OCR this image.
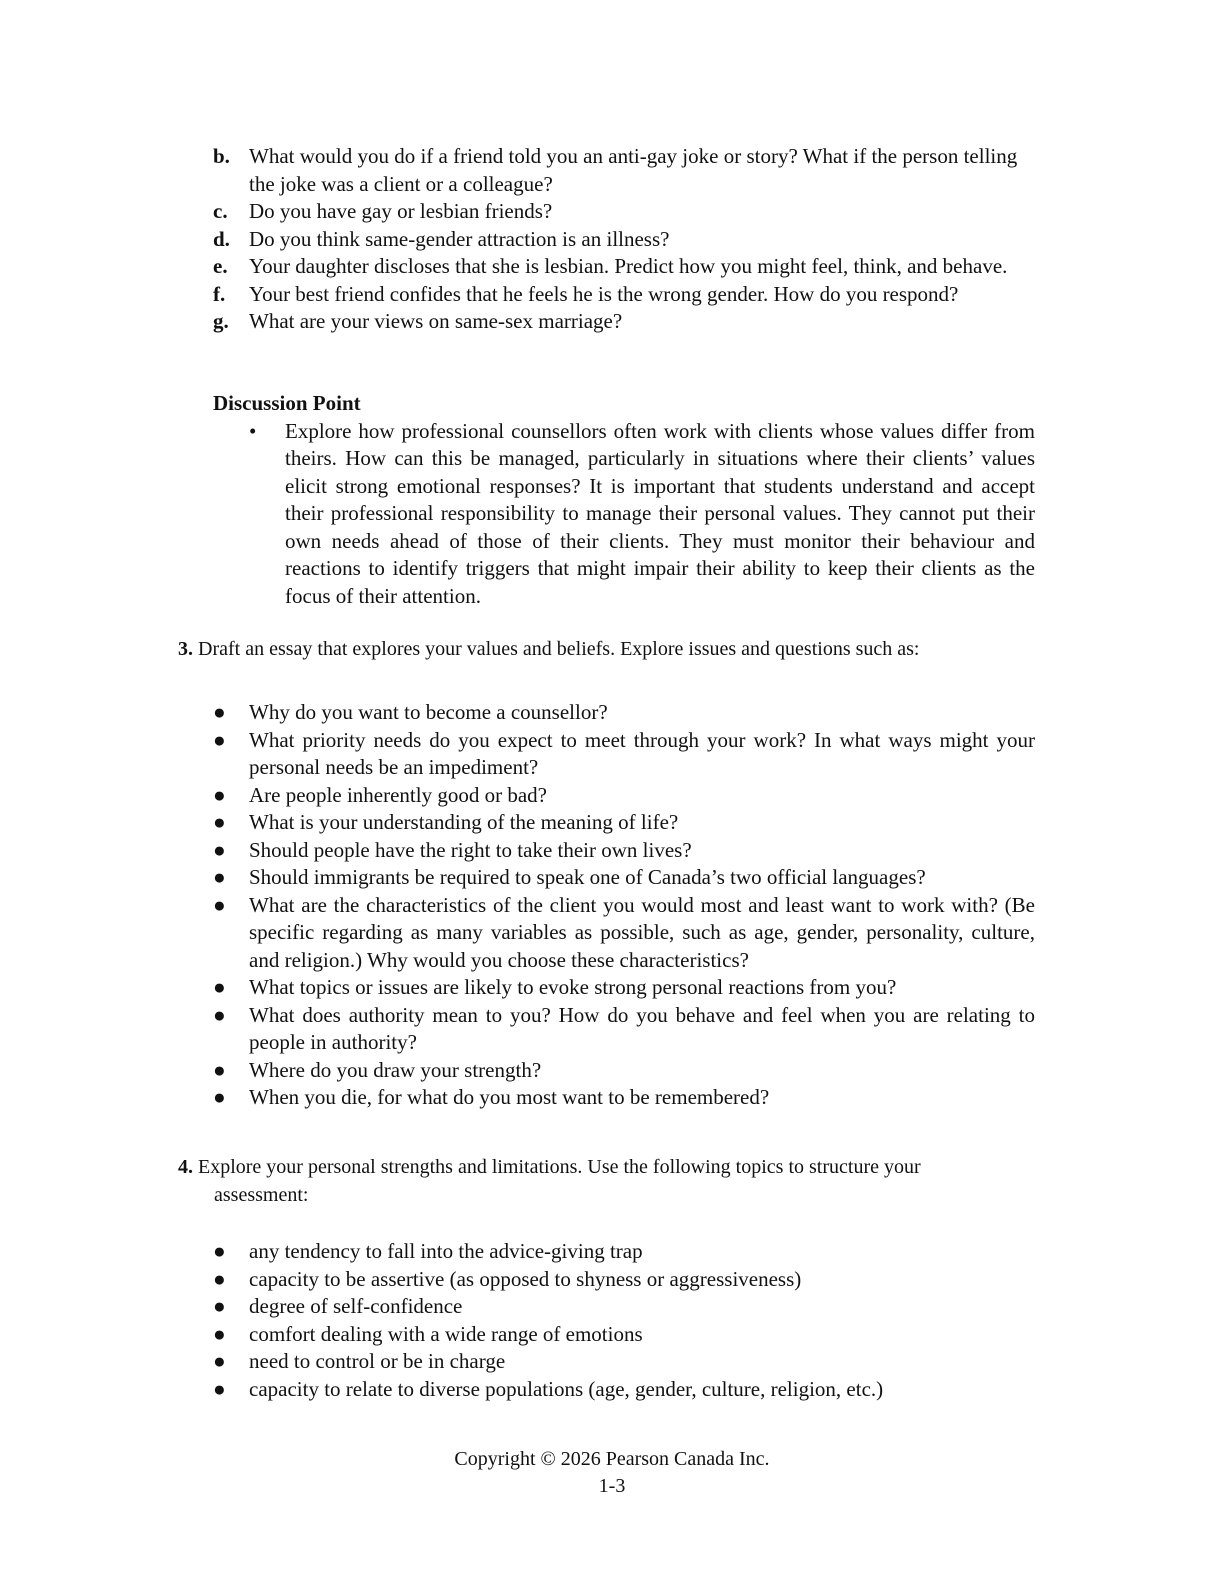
b. What would you do if a friend told you an anti-gay joke or story? What if the person telling the joke was a client or a colleague?
c.	Do you have gay or lesbian friends?
d. Do you think same-gender attraction is an illness?
e.	Your daughter discloses that she is lesbian. Predict how you might feel, think, and behave.
f.	Your best friend confides that he feels he is the wrong gender. How do you respond?
g. What are your views on same-sex marriage?

Discussion Point

•	Explore how professional counsellors often work with clients whose values differ from theirs. How can this be managed, particularly in situations where their clients’ values elicit strong emotional responses? It is important that students understand and accept their professional responsibility to manage their personal values. They cannot put their own needs ahead of those of their clients. They must monitor their behaviour and reactions to identify triggers that might impair their ability to keep their clients as the focus of their attention.
3. Draft an essay that explores your values and beliefs. Explore issues and questions such as:
●	Why do you want to become a counsellor?
●	What priority needs do you expect to meet through your work? In what ways might your personal needs be an impediment?
●	Are people inherently good or bad?
●	What is your understanding of the meaning of life?
●	Should people have the right to take their own lives?
●	Should immigrants be required to speak one of Canada’s two official languages?
●	What are the characteristics of the client you would most and least want to work with? (Be specific regarding as many variables as possible, such as age, gender, personality, culture, and religion.) Why would you choose these characteristics?
●	What topics or issues are likely to evoke strong personal reactions from you?
●	What does authority mean to you? How do you behave and feel when you are relating to people in authority?
●	Where do you draw your strength?
●	When you die, for what do you most want to be remembered?
4. Explore your personal strengths and limitations. Use the following topics to structure your
assessment:
●	any tendency to fall into the advice-giving trap
●	capacity to be assertive (as opposed to shyness or aggressiveness)
●	degree of self-confidence
●	comfort dealing with a wide range of emotions
●	need to control or be in charge
●	capacity to relate to diverse populations (age, gender, culture, religion, etc.)
Copyright © 2026 Pearson Canada Inc.
1-3
